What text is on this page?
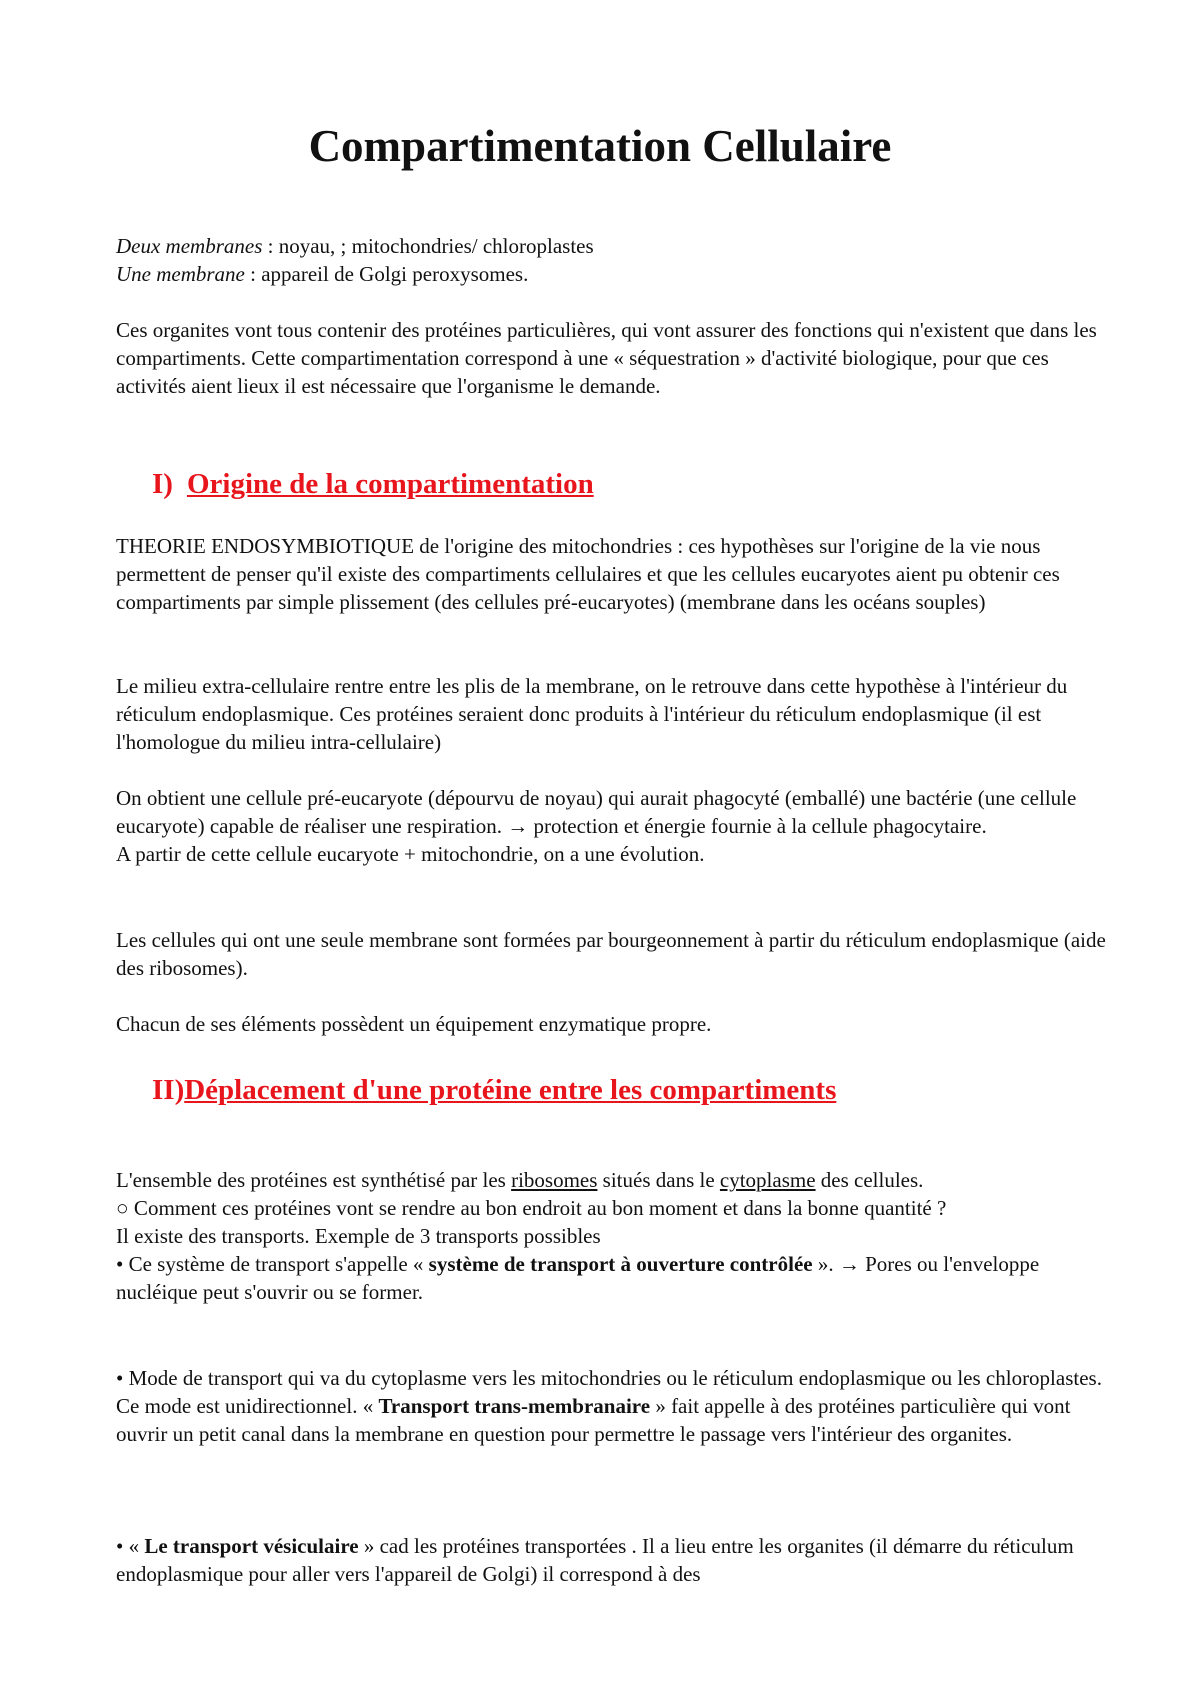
Compartimentation Cellulaire
Deux membranes : noyau, ; mitochondries/ chloroplastes
Une membrane : appareil de Golgi peroxysomes.

Ces organites vont tous contenir des protéines particulières, qui vont assurer des fonctions qui n'existent que dans les compartiments. Cette compartimentation correspond à une « séquestration » d'activité biologique, pour que ces activités aient lieux il est nécessaire que l'organisme le demande.

I) Origine de la compartimentation

THEORIE ENDOSYMBIOTIQUE de l'origine des mitochondries : ces hypothèses sur l'origine de la vie nous permettent de penser qu'il existe des compartiments cellulaires et que les cellules eucaryotes aient pu obtenir ces compartiments par simple plissement (des cellules pré-eucaryotes) (membrane dans les océans souples)

Le milieu extra-cellulaire rentre entre les plis de la membrane, on le retrouve dans cette hypothèse à l'intérieur du réticulum endoplasmique. Ces protéines seraient donc produits à l'intérieur du réticulum endoplasmique (il est l'homologue du milieu intra-cellulaire)

On obtient une cellule pré-eucaryote (dépourvu de noyau) qui aurait phagocyté (emballé) une bactérie (une cellule eucaryote) capable de réaliser une respiration. → protection et énergie fournie à la cellule phagocytaire.

A partir de cette cellule eucaryote + mitochondrie, on a une évolution.

Les cellules qui ont une seule membrane sont formées par bourgeonnement à partir du réticulum endoplasmique (aide des ribosomes).

Chacun de ses éléments possèdent un équipement enzymatique propre.

II)Déplacement d'une protéine entre les compartiments

L'ensemble des protéines est synthétisé par les ribosomes situés dans le cytoplasme des cellules.

○ Comment ces protéines vont se rendre au bon endroit au bon moment et dans la bonne quantité ?

Il existe des transports. Exemple de 3 transports possibles

• Ce système de transport s'appelle « système de transport à ouverture contrôlée ». → Pores ou l'enveloppe nucléique peut s'ouvrir ou se former.

• Mode de transport qui va du cytoplasme vers les mitochondries ou le réticulum endoplasmique ou les chloroplastes. Ce mode est unidirectionnel. « Transport trans-membranaire » fait appelle à des protéines particulière qui vont ouvrir un petit canal dans la membrane en question pour permettre le passage vers l'intérieur des organites.

• « Le transport vésiculaire » cad les protéines transportées . Il a lieu entre les organites (il démarre du réticulum endoplasmique pour aller vers l'appareil de Golgi) il correspond à des
